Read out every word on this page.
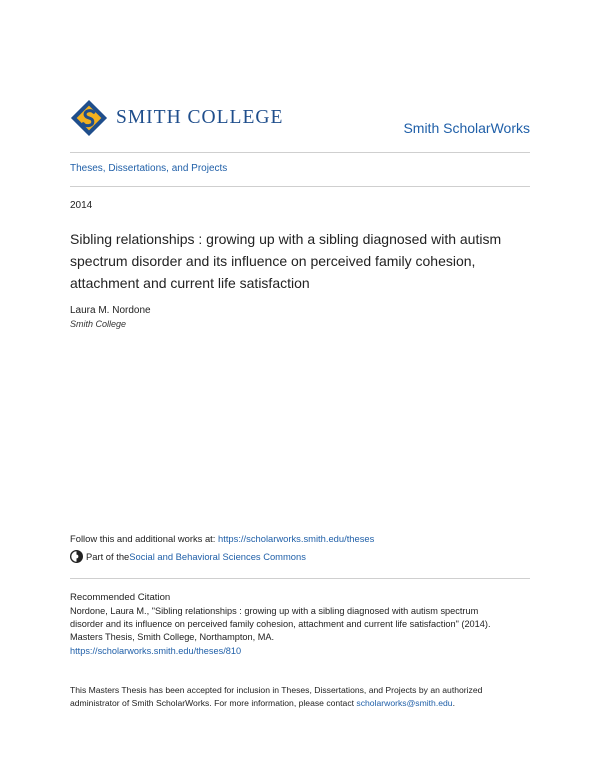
SMITH COLLEGE	Smith ScholarWorks
Theses, Dissertations, and Projects
2014
Sibling relationships : growing up with a sibling diagnosed with autism spectrum disorder and its influence on perceived family cohesion, attachment and current life satisfaction
Laura M. Nordone
Smith College
Follow this and additional works at: https://scholarworks.smith.edu/theses
Part of the Social and Behavioral Sciences Commons
Recommended Citation
Nordone, Laura M., "Sibling relationships : growing up with a sibling diagnosed with autism spectrum
disorder and its influence on perceived family cohesion, attachment and current life satisfaction" (2014).
Masters Thesis, Smith College, Northampton, MA.
https://scholarworks.smith.edu/theses/810
This Masters Thesis has been accepted for inclusion in Theses, Dissertations, and Projects by an authorized
administrator of Smith ScholarWorks. For more information, please contact scholarworks@smith.edu.
